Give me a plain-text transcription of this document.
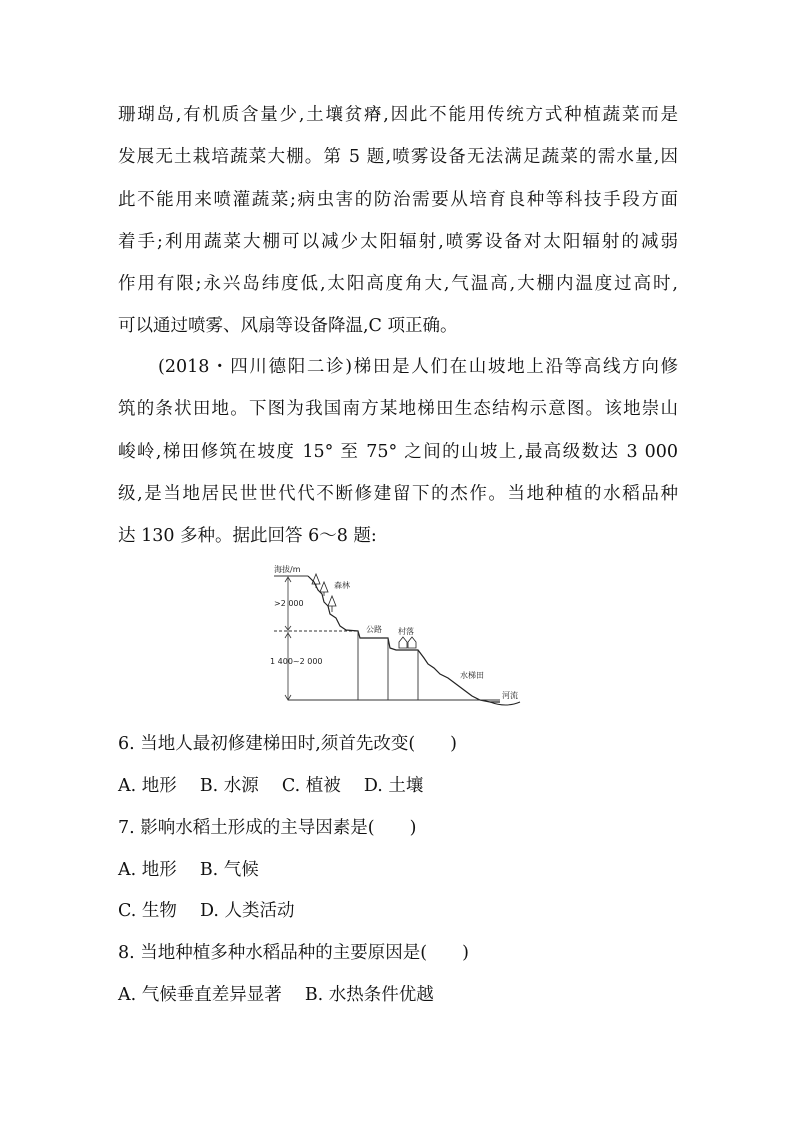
珊瑚岛,有机质含量少,土壤贫瘠,因此不能用传统方式种植蔬菜而是
发展无土栽培蔬菜大棚。第 5 题,喷雾设备无法满足蔬菜的需水量,因
此不能用来喷灌蔬菜;病虫害的防治需要从培育良种等科技手段方面
着手;利用蔬菜大棚可以减少太阳辐射,喷雾设备对太阳辐射的减弱
作用有限;永兴岛纬度低,太阳高度角大,气温高,大棚内温度过高时,
可以通过喷雾、风扇等设备降温,C 项正确。
(2018・四川德阳二诊)梯田是人们在山坡地上沿等高线方向修
筑的条状田地。下图为我国南方某地梯田生态结构示意图。该地崇山
峻岭,梯田修筑在坡度 15° 至 75° 之间的山坡上,最高级数达 3 000
级,是当地居民世世代代不断修建留下的杰作。当地种植的水稻品种
达 130 多种。据此回答 6～8 题:
海拔/m
>2 000
1 400~2 000
森林
公路 村落
水梯田
河流
6. 当地人最初修建梯田时,须首先改变(　　)
A. 地形　 B. 水源　 C. 植被　 D. 土壤
7. 影响水稻土形成的主导因素是(　　)
A. 地形　 B. 气候
C. 生物　 D. 人类活动
8. 当地种植多种水稻品种的主要原因是(　　)
A. 气候垂直差异显著　 B. 水热条件优越
